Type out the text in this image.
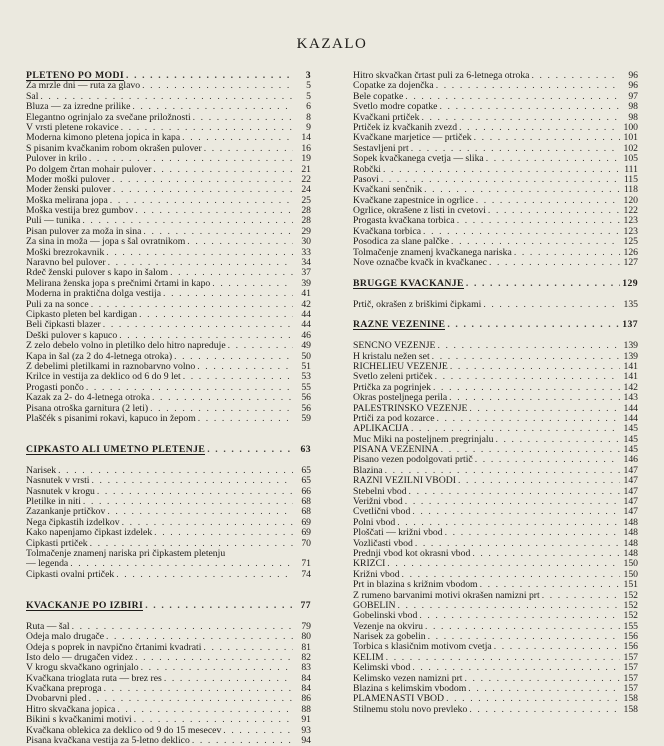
KAZALO
PLETENO PO MODI . . .	3
Za mrzle dni — ruta za glavo . . .	5
Šal . . .	5
Bluza — za izredne prilike . . .	6
Elegantno ogrinjalo za svečane priložnosti . . .	8
V vrsti pletene rokavice . . .	9
Moderna kimono pletena jopica in kapa . . .	14
S pisanim kvačkanim robom okrašen pulover . . .	16
Pulover in krilo . . .	19
Po dolgem črtan mohair pulover . . .	21
Moder moški pulover . . .	22
Moder ženski pulover . . .	24
Moška melirana jopa . . .	25
Moška vestija brez gumbov . . .	28
Puli — tunika . . .	28
Pisan pulover za moža in sina . . .	29
Za sina in moža — jopa s šal ovratnikom . . .	30
Moški brezrokavnik . . .	33
Naravno bel pulover . . .	34
Rdeč ženski pulover s kapo in šalom . . .	37
Melirana ženska jopa s prečnimi črtami in kapo . . .	39
Moderna in praktična dolga vestija . . .	41
Puli za na sonce . . .	42
Čipkasto pleten bel kardigan . . .	44
Beli čipkasti blazer . . .	44
Deški pulover s kapuco . . .	46
Z zelo debelo volno in pletilko delo hitro napreduje . . .	49
Kapa in šal (za 2 do 4-letnega otroka) . . .	50
Z debelimi pletilkami in raznobarvno volno . . .	51
Krilce in vestija za deklico od 6 do 9 let . . .	53
Progasti pončo . . .	55
Kazak za 2- do 4-letnega otroka . . .	56
Pisana otroška garnitura (2 leti) . . .	56
Plaščék s pisanimi rokavi, kapuco in žepom . . .	59
ČIPKASTO ALI UMETNO PLETENJE . . .	63
Narisek . . .	65
Nasnutek v vrsti . . .	65
Nasnutek v krogu . . .	66
Pletilke in niti . . .	68
Zazankanje prtičkov . . .	68
Nega čipkastih izdelkov . . .	69
Kako napenjamo čipkast izdelek . . .	69
Čipkasti prtiček . . .	70
Tolmačenje znamenj nariska pri čipkastem pletenju
— legenda . . .	71
Čipkasti ovalni prtiček . . .	74
KVAČKANJE PO IZBIRI . . .	77
Ruta — šal . . .	79
Odeja malo drugače . . .	80
Odeja s poprek in navpično črtanimi kvadrati . . .	81
Isto delo — drugačen videz . . .	82
V krogu skvačkano ogrinjalo . . .	83
Kvačkana trioglata ruta — brez res . . .	84
Kvačkana preproga . . .	84
Dvobarvni pled . . .	86
Hitro skvačkana jopica . . .	88
Bikini s kvačkanimi motivi . . .	91
Kvačkana oblekica za deklico od 9 do 15 mesecev . . .	93
Pisana kvačkana vestija za 5-letno deklico . . .	94
Hitro skvačkan črtast puli za 6-letnega otroka . . .	96
Copatke za dojenčka . . .	96
Bele copatke . . .	97
Svetlo modre copatke . . .	98
Kvačkani prtiček . . .	98
Prtiček iz kvačkanih zvezd . . .	100
Kvačkane marjetice — prtiček . . .	101
Sestavljeni prt . . .	102
Šopek kvačkanega cvetja — slika . . .	105
Robčki . . .	111
Pasovi . . .	115
Kvačkani senčnik . . .	118
Kvačkane zapestnice in ogrlice . . .	120
Ogrlice, okrašene z listi in cvetovi . . .	122
Progasta kvačkana torbica . . .	123
Kvačkana torbica . . .	123
Posodica za slane palčke . . .	125
Tolmačenje znamenj kvačkanega nariska . . .	126
Nove označbe kvačk in kvačkanec . . .	127
BRUGGE KVAČKANJE . . .	129
Prtič, okrašen z briškimi čipkami . . .	135
RAZNE VEZENINE . . .	137
SENČNO VEZENJE . . .	139
H kristalu nežen set . . .	139
RICHELIEU VEZENJE . . .	141
Svetlo zeleni prtiček . . .	141
Prtička za pogrinjek . . .	142
Okras posteljnega perila . . .	143
PALESTRINSKO VEZENJE . . .	144
Prtiči za pod kozarce . . .	144
APLIKACIJA . . .	145
Muc Miki na posteljnem pregrinjalu . . .	145
PISANA VEZENINA . . .	145
Pisano vezen podolgovati prtič . . .	146
Blazina . . .	147
RAZNI VEZILNI VBODI . . .	147
Stebelni vbod . . .	147
Verižni vbod . . .	147
Cvetlični vbod . . .	147
Polni vbod . . .	148
Ploščati — križni vbod . . .	148
Vozličasti vbod . . .	148
Prednji vbod kot okrasni vbod . . .	148
KRIŽCI . . .	150
Križni vbod . . .	150
Prt in blazina s križnim vbodom . . .	151
Z rumeno barvanimi motivi okrašen namizni prt . . .	152
GOBELIN . . .	152
Gobelinski vbod . . .	152
Vezenje na okviru . . .	155
Narisek za gobelin . . .	156
Torbica s klasičnim motivom cvetja . . .	156
KELIM . . .	157
Kelimski vbod . . .	157
Kelimsko vezen namizni prt . . .	157
Blazina s kelimskim vbodom . . .	157
PLAMENASTI VBOD . . .	158
Stilnemu stolu novo prevleko . . .	158
